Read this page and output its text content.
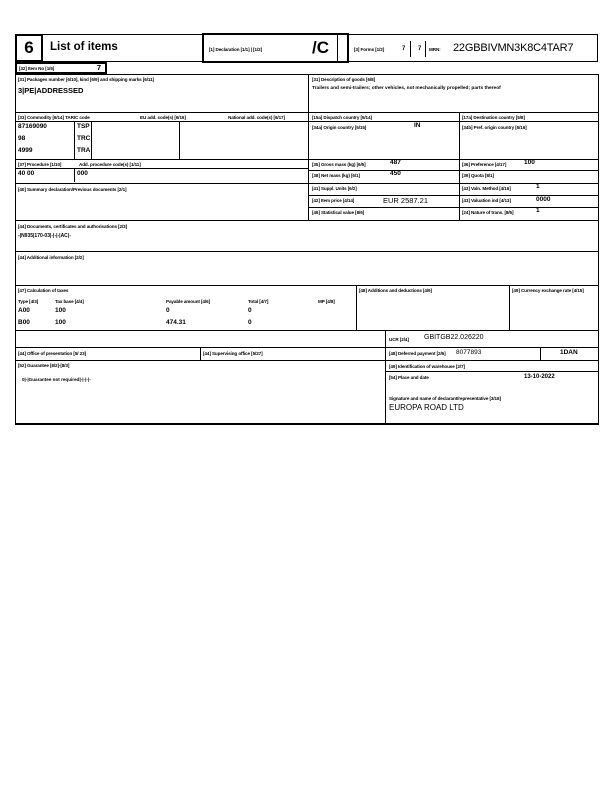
6	List of items	[1] Declaration [1/1] | [1/2]	/C	[3] Forms [1/2]	7 7 MRN: 22GBBIVMN3K8C4TAR7
[32] Item No [1/6]	7
[31] Packages number [6/10], kind [6/9] and shipping marks [6/11]
3|PE|ADDRESSED
[31] Description of goods [6/8]
Trailers and semi-trailers; other vehicles, not mechanically propelled; parts thereof
[33] Commodity [6/14] TARIC code	EU add. code(s) [6/16]	National add. code(s) [6/17]
87169090	TSP
98	TRC
4999	TRA
[15a] Dispatch country [5/14]	[17a] Destination country [5/8]
[34a] Origin country [5/15]	IN	[34b] Pref. origin country [5/16]
[37] Procedure [1/10]	Add. procedure code(s) [1/11]
40 00	000
[35] Gross mass (kg) [6/5]	487	[36] Preference [4/17]	100
[38] Net mass (kg) [6/1]	450	[39] Quota [8/1]
[40] Summary declaration/Previous documents [2/1]	[41] Suppl. Units [6/2]	[43] Valn. Method [4/16]	1
[42] Item price [4/14]	EUR 2587.21	[43] Valuation ind [4/13]	0000
[46] Statistical value [8/6]	[24] Nature of trans. [8/5]	1
[44] Documents, certificates and authorisations [2/3]
-|N935|170-03|-|-|-|AC|-
[44] Additional information [2/2]
[47] Calculation of taxes
Type [4/3]	Tax base [4/4]	Payable amount [4/6]	Total [4/7]	MP [4/8]
A00	100	0	0
B00	100	474.31	0
[48] Additions and deductions [4/9]	[49] Currency exchange rate [4/15]
UCR [2/4] GBITGB22.026220
[44] Office of presentation [5/ 23]	[44] Supervising office [5/27]	[48] Deferred payment [2/6] 8077893	1DAN
[52] Guarantee [8/2]-[8/3]
0|-|Guarantee not required|-|-|-|-
[49] Identification of warehouse [2/7]
[54] Place and date	13-10-2022
Signature and name of declarant/representative [3/18]
EUROPA ROAD LTD
